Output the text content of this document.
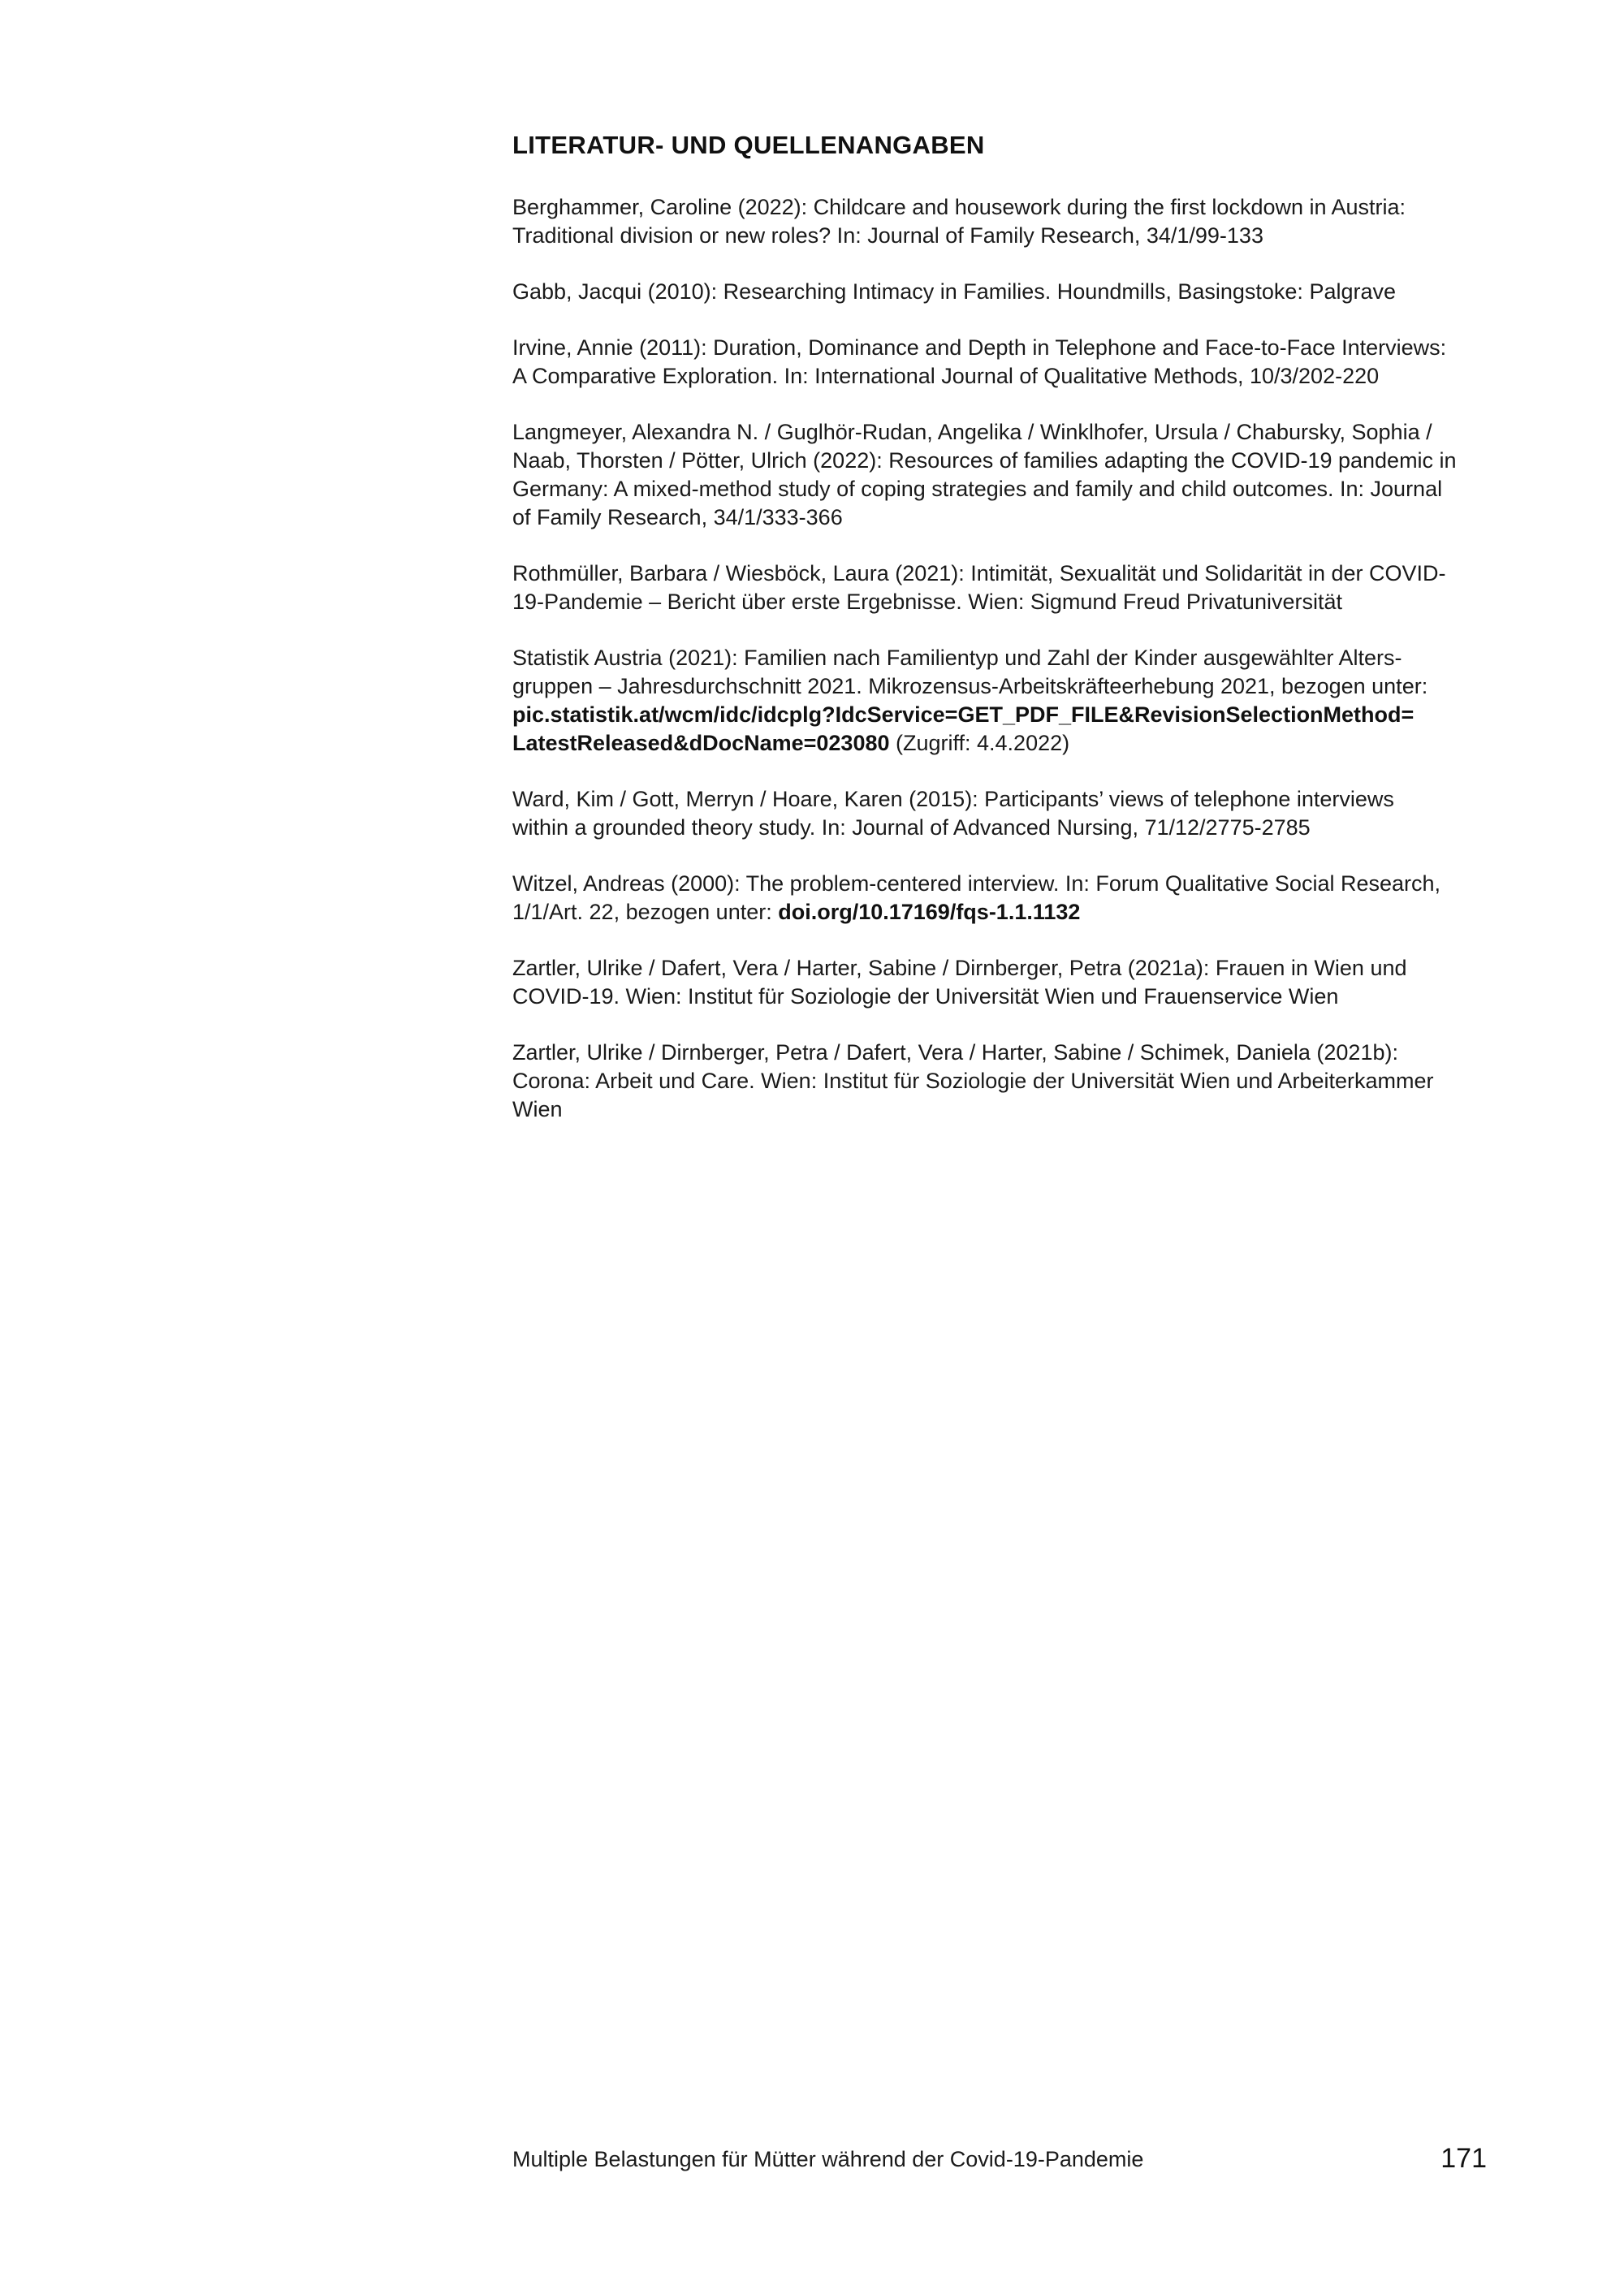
LITERATUR- UND QUELLENANGABEN
Berghammer, Caroline (2022): Childcare and housework during the first lockdown in Austria:
Traditional division or new roles? In: Journal of Family Research, 34/1/99-133
Gabb, Jacqui (2010): Researching Intimacy in Families. Houndmills, Basingstoke: Palgrave
Irvine, Annie (2011): Duration, Dominance and Depth in Telephone and Face-to-Face Interviews:
A Comparative Exploration. In: International Journal of Qualitative Methods, 10/3/202-220
Langmeyer, Alexandra N. / Guglhör-Rudan, Angelika / Winklhofer, Ursula / Chabursky, Sophia /
Naab, Thorsten / Pötter, Ulrich (2022): Resources of families adapting the COVID-19 pandemic in
Germany: A mixed-method study of coping strategies and family and child outcomes. In: Journal
of Family Research, 34/1/333-366
Rothmüller, Barbara / Wiesböck, Laura (2021): Intimität, Sexualität und Solidarität in der COVID-
19-Pandemie – Bericht über erste Ergebnisse. Wien: Sigmund Freud Privatuniversität
Statistik Austria (2021): Familien nach Familientyp und Zahl der Kinder ausgewählter Alters-
gruppen – Jahresdurchschnitt 2021. Mikrozensus-Arbeitskräfteerhebung 2021, bezogen unter:
pic.statistik.at/wcm/idc/idcplg?IdcService=GET_PDF_FILE&RevisionSelectionMethod=
LatestReleased&dDocName=023080 (Zugriff: 4.4.2022)
Ward, Kim / Gott, Merryn / Hoare, Karen (2015): Participants’ views of telephone interviews
within a grounded theory study. In: Journal of Advanced Nursing, 71/12/2775-2785
Witzel, Andreas (2000): The problem-centered interview. In: Forum Qualitative Social Research,
1/1/Art. 22, bezogen unter: doi.org/10.17169/fqs-1.1.1132
Zartler, Ulrike / Dafert, Vera / Harter, Sabine / Dirnberger, Petra (2021a): Frauen in Wien und
COVID-19. Wien: Institut für Soziologie der Universität Wien und Frauenservice Wien
Zartler, Ulrike / Dirnberger, Petra / Dafert, Vera / Harter, Sabine / Schimek, Daniela (2021b):
Corona: Arbeit und Care. Wien: Institut für Soziologie der Universität Wien und Arbeiterkammer
Wien
Multiple Belastungen für Mütter während der Covid-19-Pandemie	171
